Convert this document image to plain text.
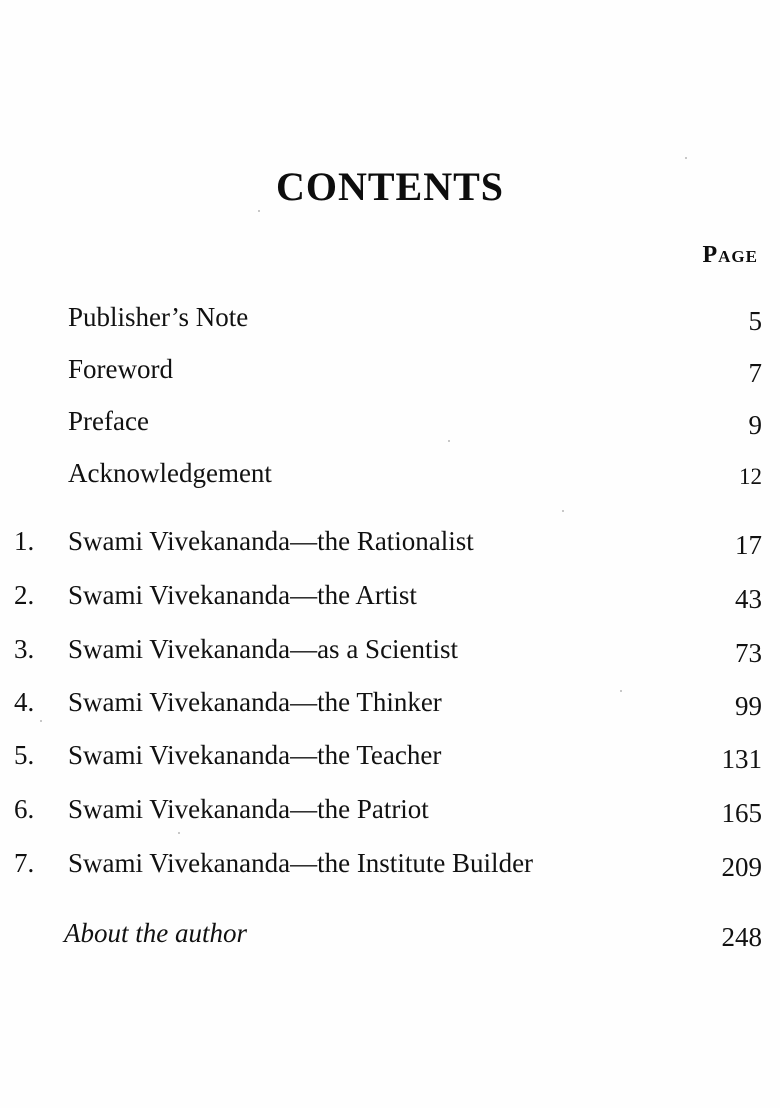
CONTENTS
Page
Publisher’s Note	5
Foreword	7
Preface	9
Acknowledgement	12
1.	Swami Vivekananda—the Rationalist	17
2.	Swami Vivekananda—the Artist	43
3.	Swami Vivekananda—as a Scientist	73
4.	Swami Vivekananda—the Thinker	99
5.	Swami Vivekananda—the Teacher	131
6.	Swami Vivekananda—the Patriot	165
7.	Swami Vivekananda—the Institute Builder	209
About the author	248
